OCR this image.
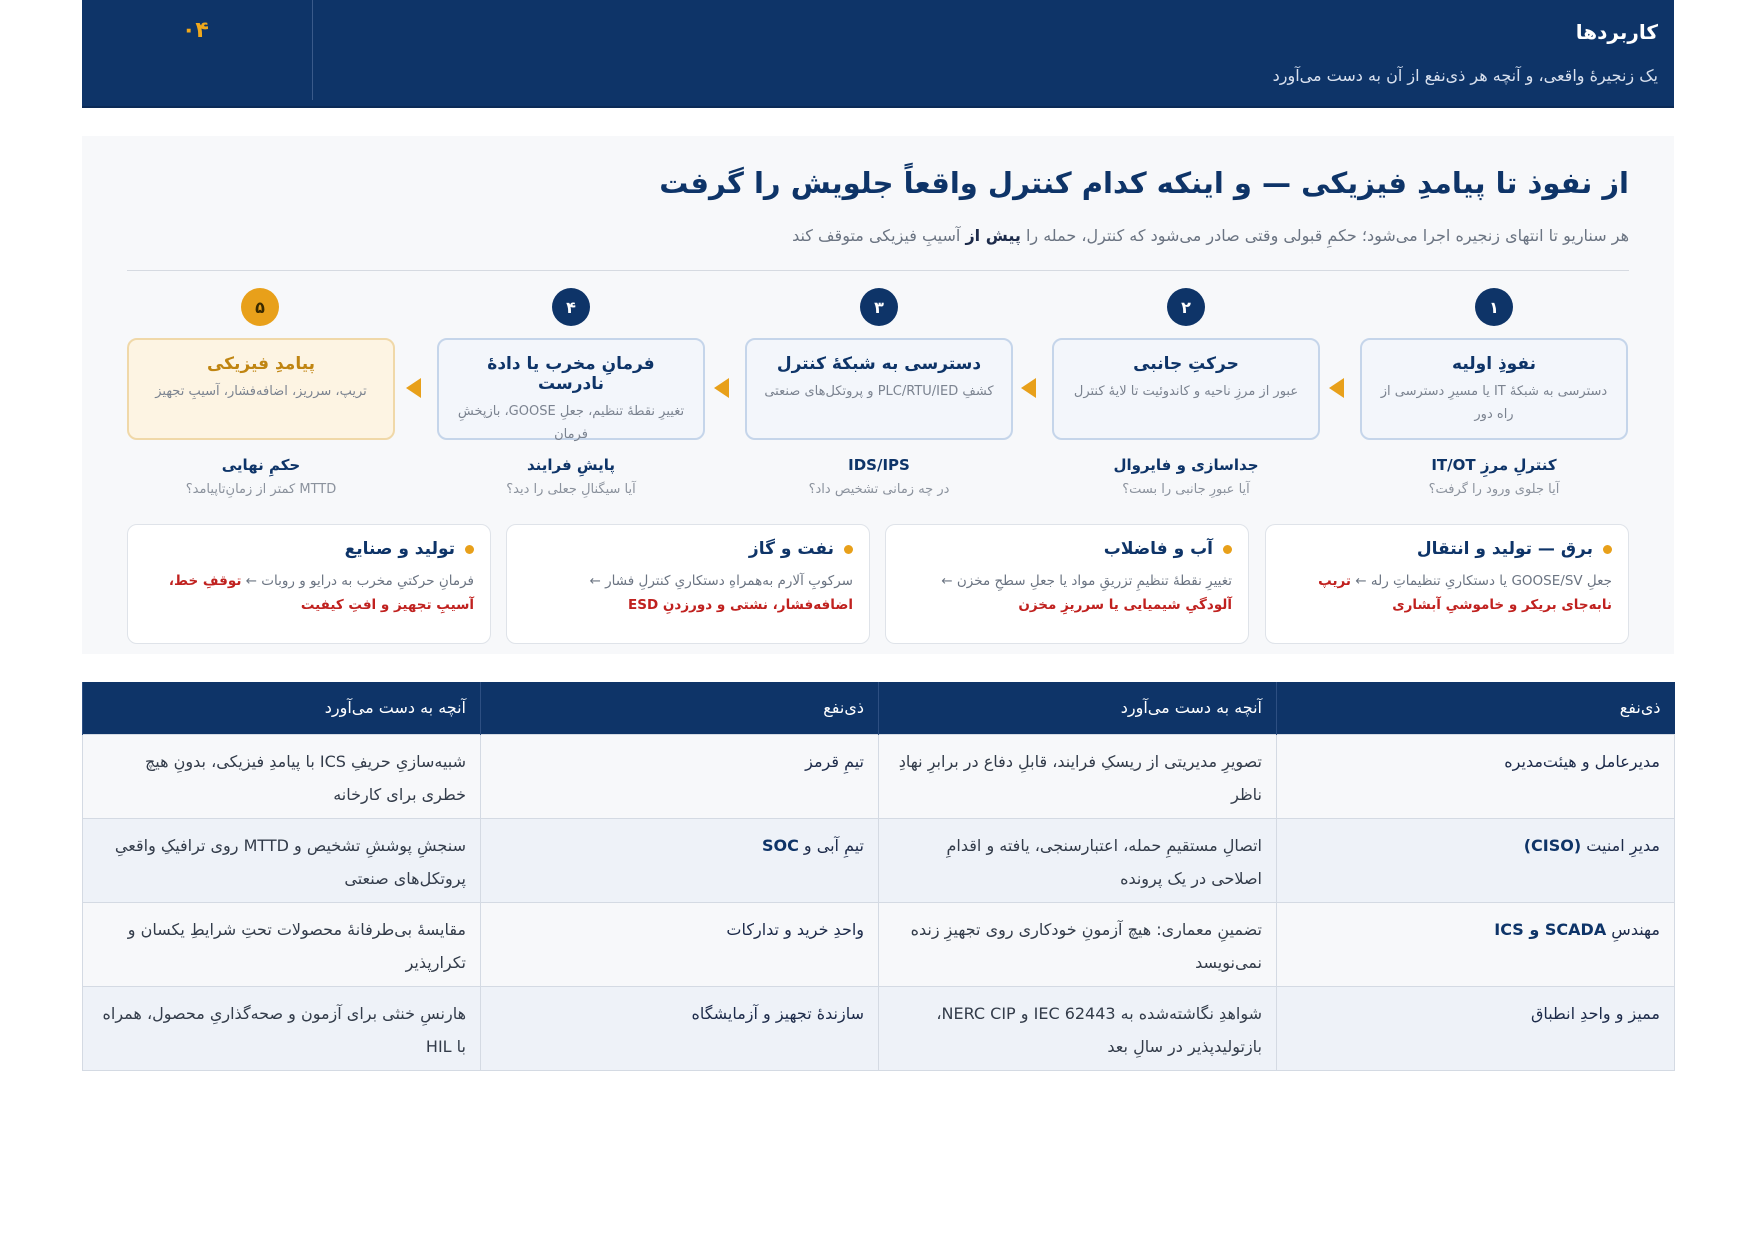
کاربردها
یک زنجیرهٔ واقعی، و آنچه هر ذی‌نفع از آن به دست می‌آورد
۰۴
از نفوذ تا پیامدِ فیزیکی — و اینکه کدام کنترل واقعاً جلویش را گرفت
هر سناریو تا انتهای زنجیره اجرا می‌شود؛ حکمِ قبولی وقتی صادر می‌شود که کنترل، حمله را پیش از آسیبِ فیزیکی متوقف کند
۱
۲
۳
۴
۵
نفوذِ اولیه
دسترسی به شبکهٔ IT یا مسیرِ دسترسی از راه دور
حرکتِ جانبی
عبور از مرزِ ناحیه و کاندوئیت تا لایهٔ کنترل
دسترسی به شبکهٔ کنترل
کشفِ PLC/RTU/IED و پروتکل‌های صنعتی
فرمانِ مخرب یا دادهٔ نادرست
تغییرِ نقطهٔ تنظیم، جعلِ GOOSE، بازپخشِ فرمان
پیامدِ فیزیکی
تریپ، سرریز، اضافه‌فشار، آسیبِ تجهیز
کنترلِ مرزِ IT/OT
آیا جلوی ورود را گرفت؟
جداسازی و فایروال
آیا عبورِ جانبی را بست؟
IDS/IPS
در چه زمانی تشخیص داد؟
پایشِ فرایند
آیا سیگنالِ جعلی را دید؟
حکمِ نهایی
MTTD کمتر از زمانِ‌تاپیامد؟
برق — تولید و انتقال
جعلِ GOOSE/SV یا دستکاریِ تنظیماتِ رله ← تریپ
نابه‌جای بریکر و خاموشیِ آبشاری
آب و فاضلاب
تغییرِ نقطهٔ تنظیمِ تزریقِ مواد یا جعلِ سطحِ مخزن ←
آلودگیِ شیمیایی یا سرریزِ مخزن
نفت و گاز
سرکوبِ آلارم به‌همراهِ دستکاریِ کنترلِ فشار ←
اضافه‌فشار، نشتی و دورزدنِ ESD
تولید و صنایع
فرمانِ حرکتیِ مخرب به درایو و روبات ← توقفِ خط،
آسیبِ تجهیز و افتِ کیفیت
ذی‌نفع	آنچه به دست می‌آورد	ذی‌نفع	آنچه به دست می‌آورد
مدیرعامل و هیئت‌مدیره	تصویرِ مدیریتی از ریسکِ فرایند، قابلِ دفاع در برابرِ نهادِ ناظر	تیمِ قرمز	شبیه‌سازیِ حریفِ ICS با پیامدِ فیزیکی، بدونِ هیچ خطری برای کارخانه
مدیرِ امنیت (CISO)	اتصالِ مستقیمِ حمله، اعتبارسنجی، یافته و اقدامِ اصلاحی در یک پرونده	تیمِ آبی و SOC	سنجشِ پوششِ تشخیص و MTTD روی ترافیکِ واقعیِ پروتکل‌های صنعتی
مهندسِ SCADA و ICS	تضمینِ معماری: هیچ آزمونِ خودکاری روی تجهیزِ زنده نمی‌نویسد	واحدِ خرید و تدارکات	مقایسهٔ بی‌طرفانهٔ محصولات تحتِ شرایطِ یکسان و تکرارپذیر
ممیز و واحدِ انطباق	شواهدِ نگاشته‌شده به IEC 62443 و NERC CIP، بازتولیدپذیر در سالِ بعد	سازندهٔ تجهیز و آزمایشگاه	هارنسِ خنثی برای آزمون و صحه‌گذاریِ محصول، همراه با HIL
